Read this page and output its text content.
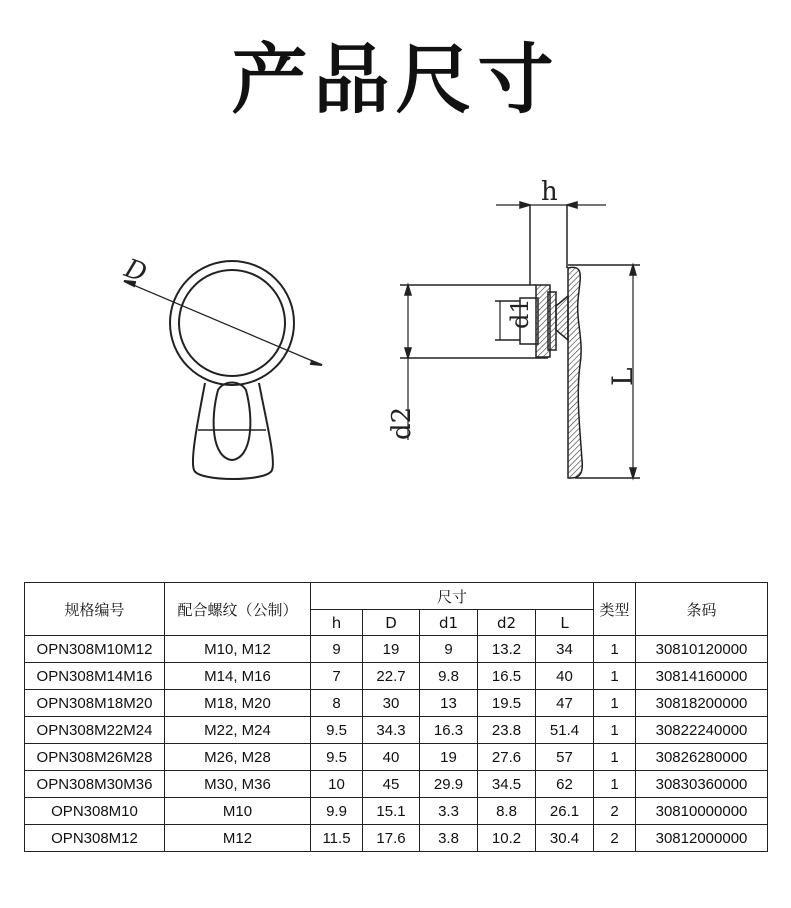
产品尺寸
D
h
d1
d2
L
规格编号	配合螺纹（公制）	尺寸					类型	条码
		h	D	d1	d2	L		
OPN308M10M12	M10, M12	9	19	9	13.2	34	1	30810120000
OPN308M14M16	M14, M16	7	22.7	9.8	16.5	40	1	30814160000
OPN308M18M20	M18, M20	8	30	13	19.5	47	1	30818200000
OPN308M22M24	M22, M24	9.5	34.3	16.3	23.8	51.4	1	30822240000
OPN308M26M28	M26, M28	9.5	40	19	27.6	57	1	30826280000
OPN308M30M36	M30, M36	10	45	29.9	34.5	62	1	30830360000
OPN308M10	M10	9.9	15.1	3.3	8.8	26.1	2	30810000000
OPN308M12	M12	11.5	17.6	3.8	10.2	30.4	2	30812000000
